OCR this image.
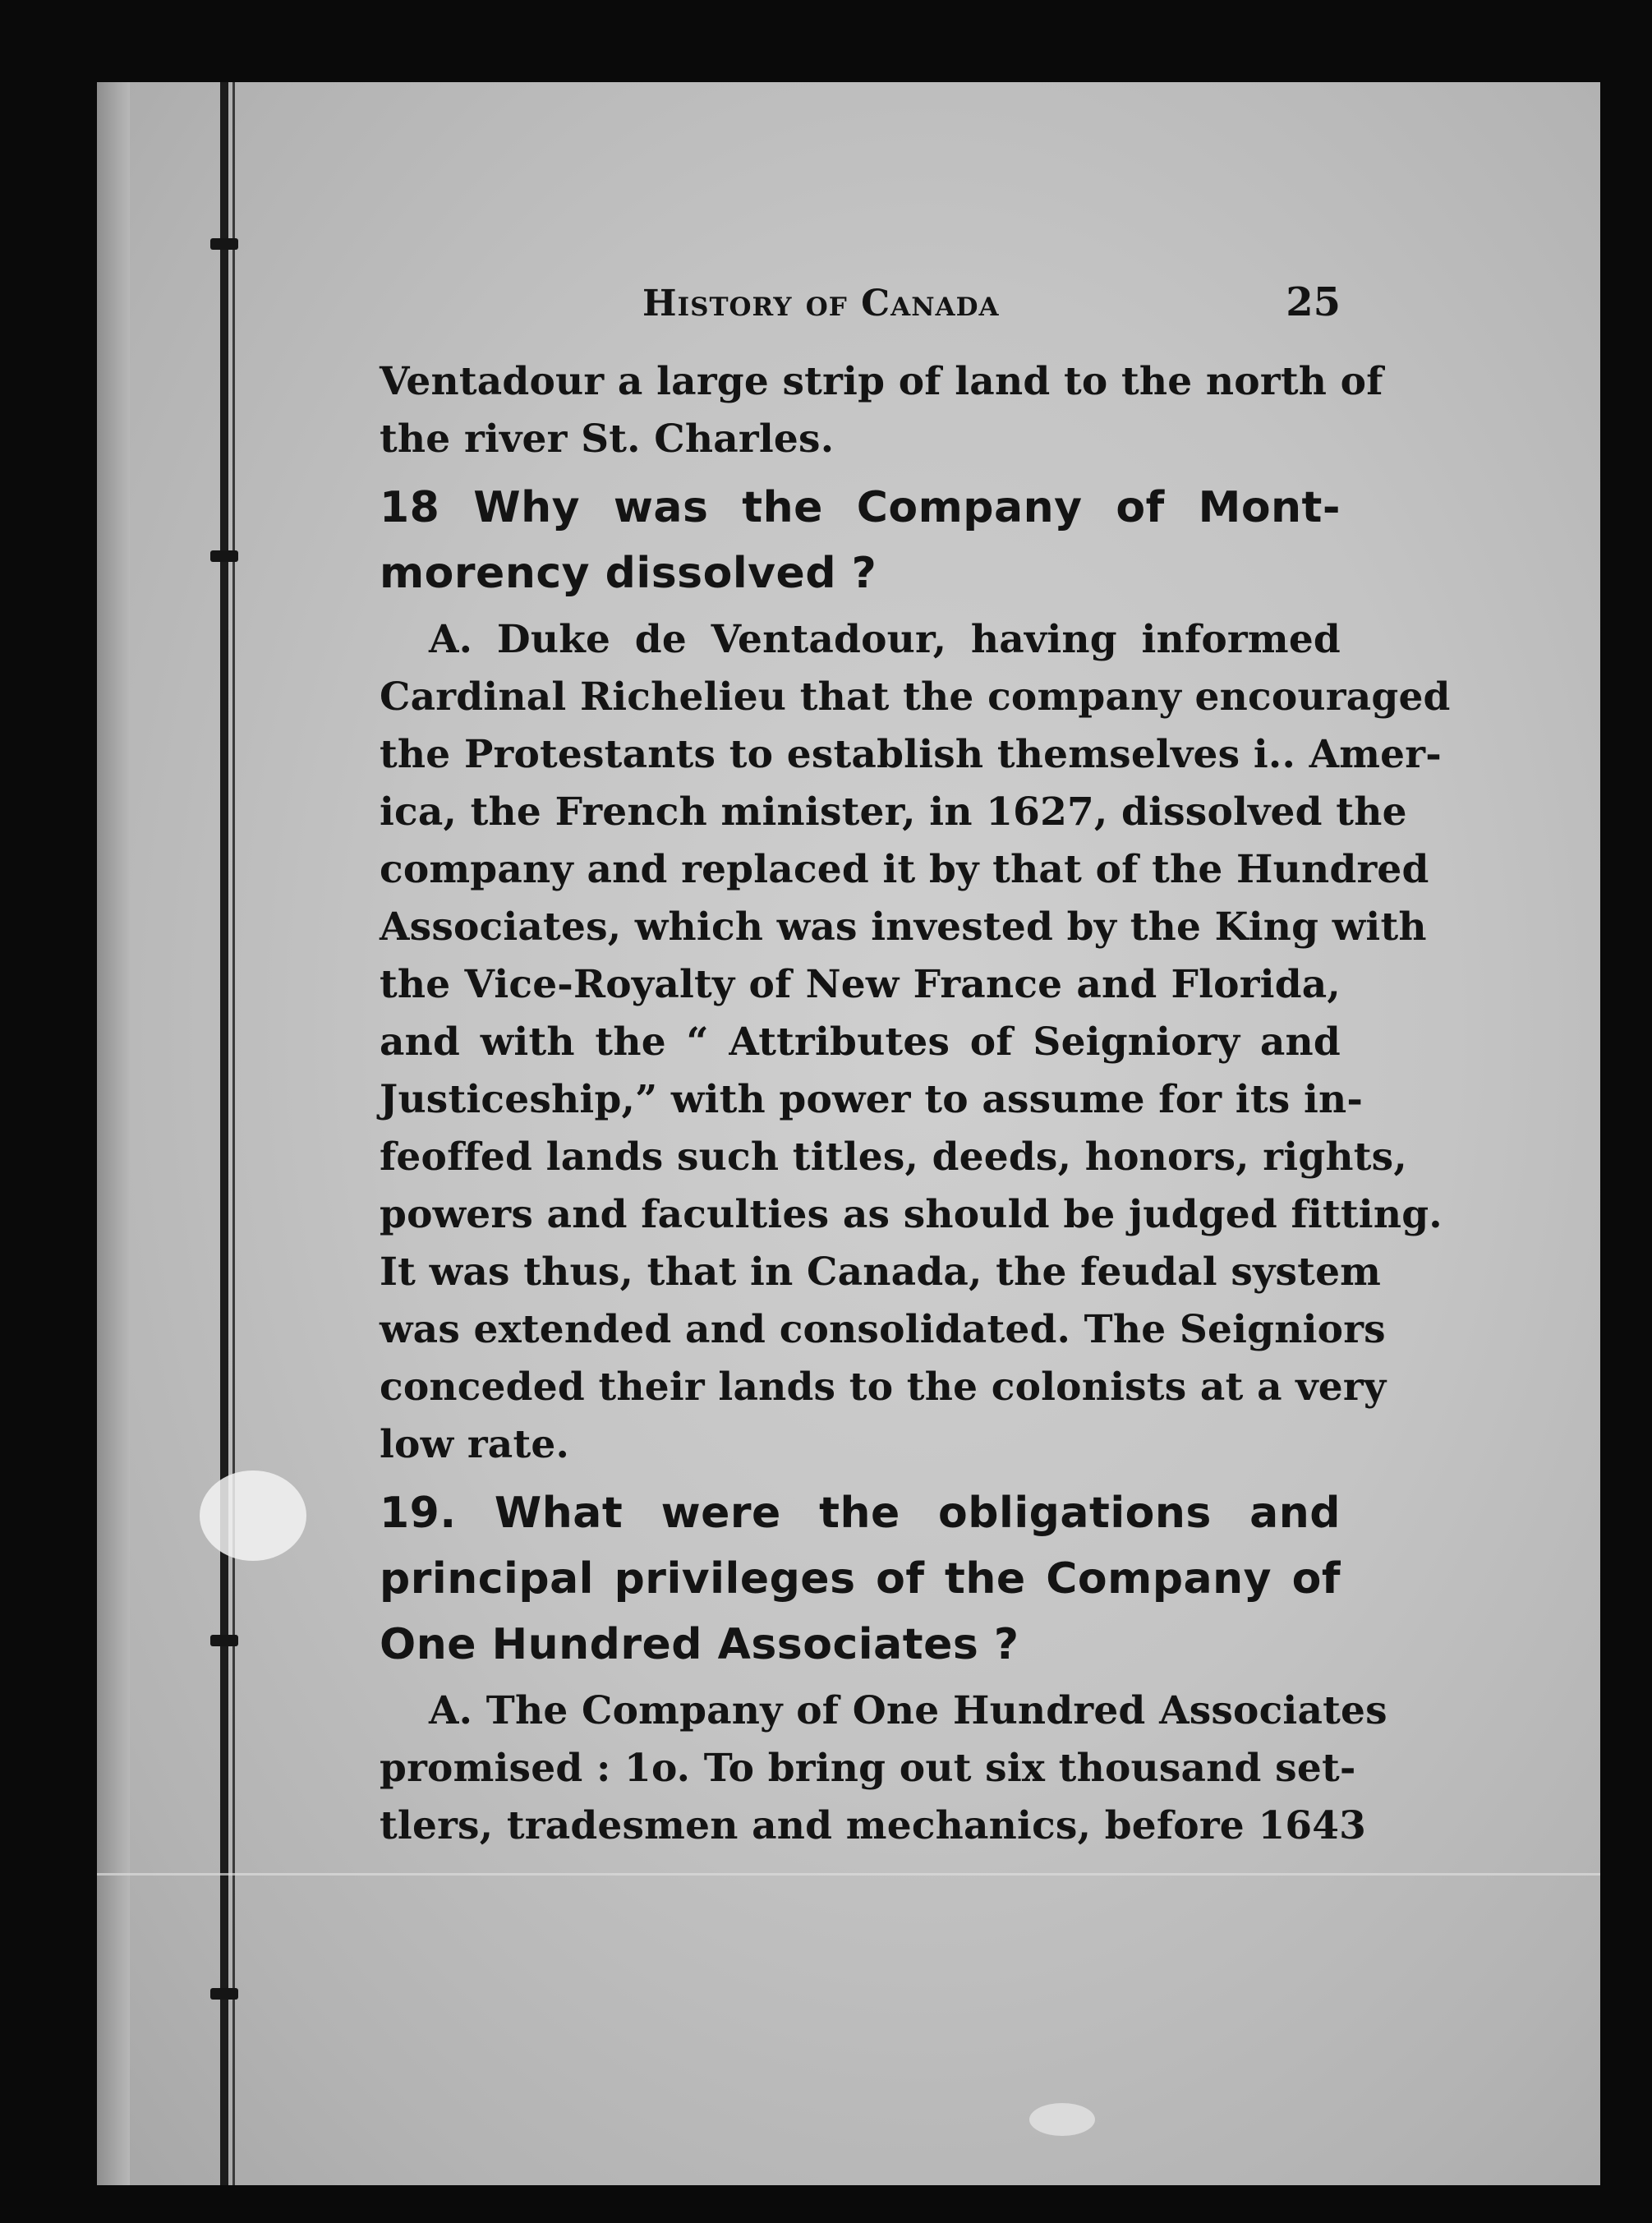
History of Canada	25
Ventadour a large strip of land to the north of
the river St. Charles.
18 Why was the Company of Mont-
morency dissolved ?
A. Duke de Ventadour, having informed
Cardinal Richelieu that the company encouraged
the Protestants to establish themselves i.. Amer-
ica, the French minister, in 1627, dissolved the
company and replaced it by that of the Hundred
Associates, which was invested by the King with
the Vice-Royalty of New France and Florida,
and with the “ Attributes of Seigniory and
Justiceship,” with power to assume for its in-
feoffed lands such titles, deeds, honors, rights,
powers and faculties as should be judged fitting.
It was thus, that in Canada, the feudal system
was extended and consolidated. The Seigniors
conceded their lands to the colonists at a very
low rate.
19. What were the obligations and
principal privileges of the Company of
One Hundred Associates ?
A. The Company of One Hundred Associates
promised : 1o. To bring out six thousand set-
tlers, tradesmen and mechanics, before 1643
